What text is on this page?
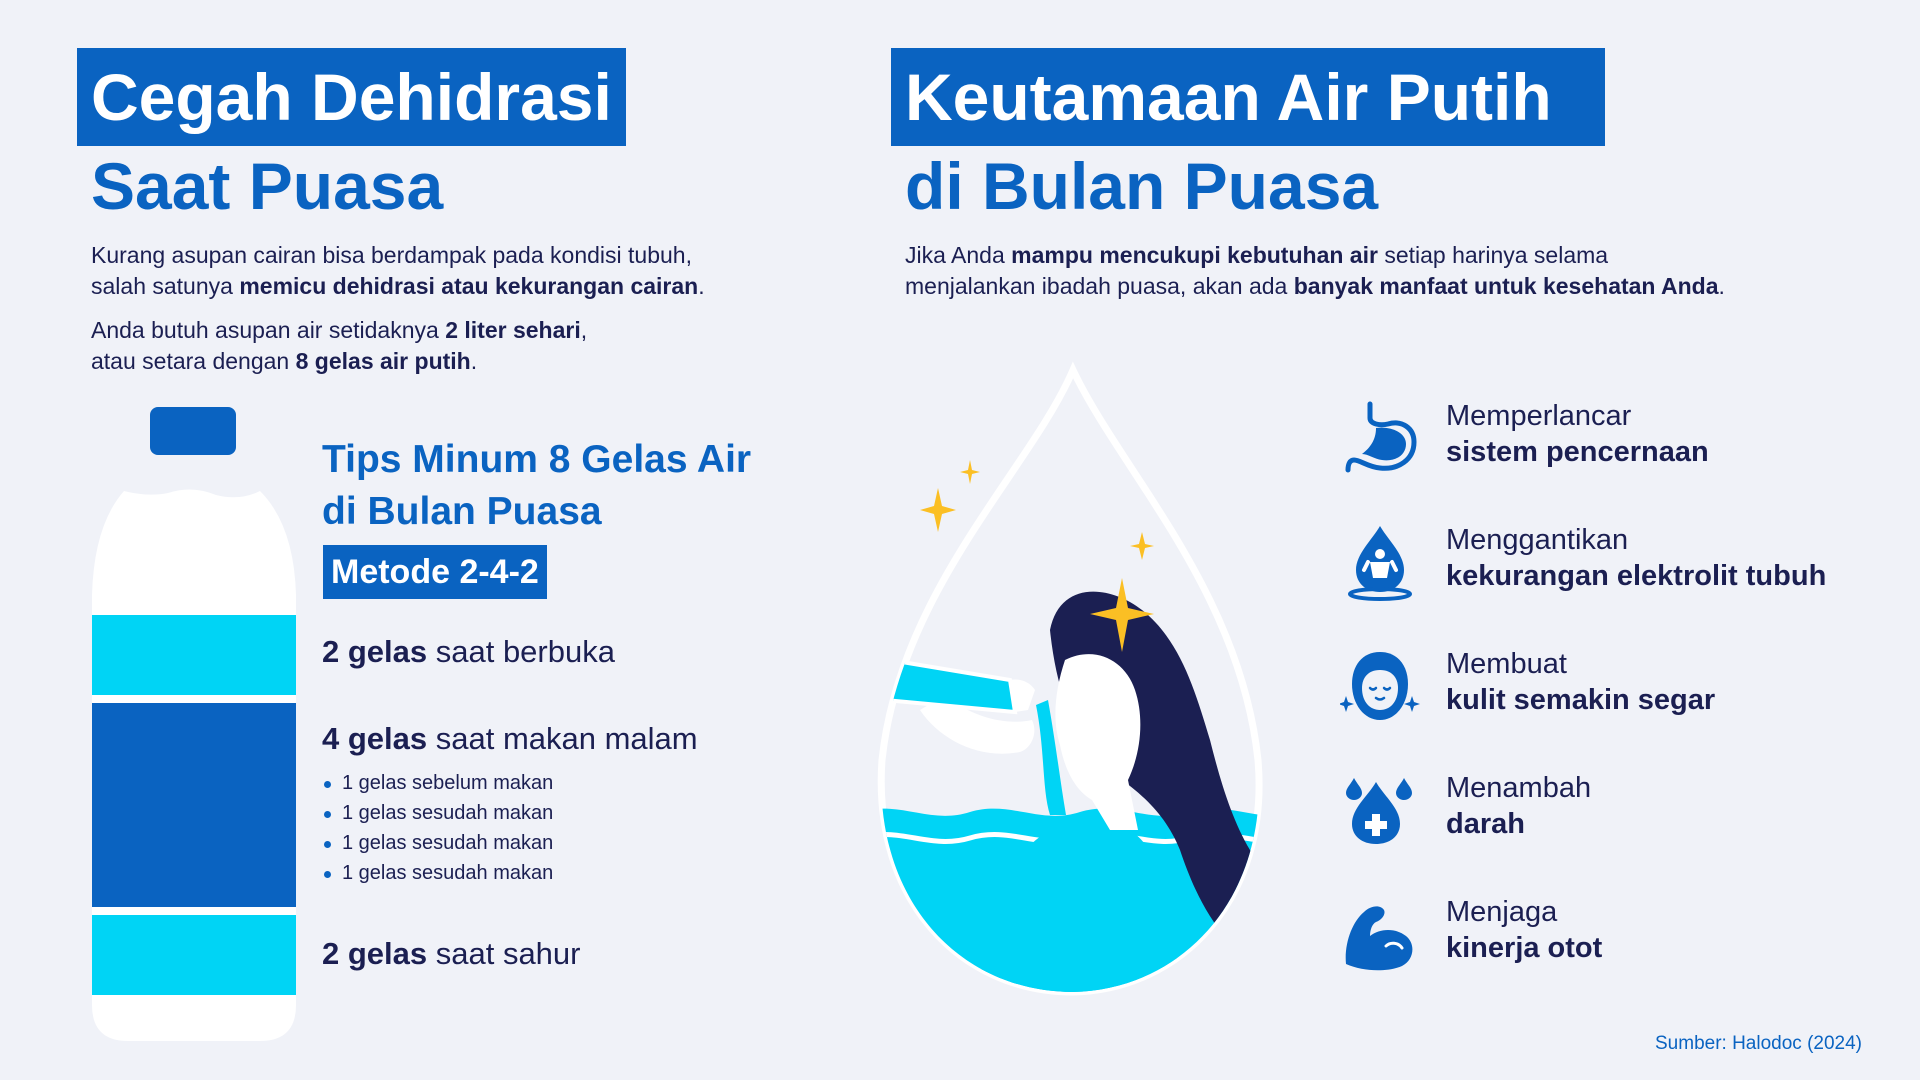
Cegah Dehidrasi
Saat Puasa
Kurang asupan cairan bisa berdampak pada kondisi tubuh,
salah satunya memicu dehidrasi atau kekurangan cairan.
Anda butuh asupan air setidaknya 2 liter sehari,
atau setara dengan 8 gelas air putih.
Tips Minum 8 Gelas Air
di Bulan Puasa
Metode 2-4-2
2 gelas saat berbuka
4 gelas saat makan malam
1 gelas sebelum makan
1 gelas sesudah makan
1 gelas sesudah makan
1 gelas sesudah makan
2 gelas saat sahur
Keutamaan Air Putih
di Bulan Puasa
Jika Anda mampu mencukupi kebutuhan air setiap harinya selama
menjalankan ibadah puasa, akan ada banyak manfaat untuk kesehatan Anda.
Memperlancar
sistem pencernaan
Menggantikan
kekurangan elektrolit tubuh
Membuat
kulit semakin segar
Menambah
darah
Menjaga
kinerja otot
Sumber: Halodoc (2024)
